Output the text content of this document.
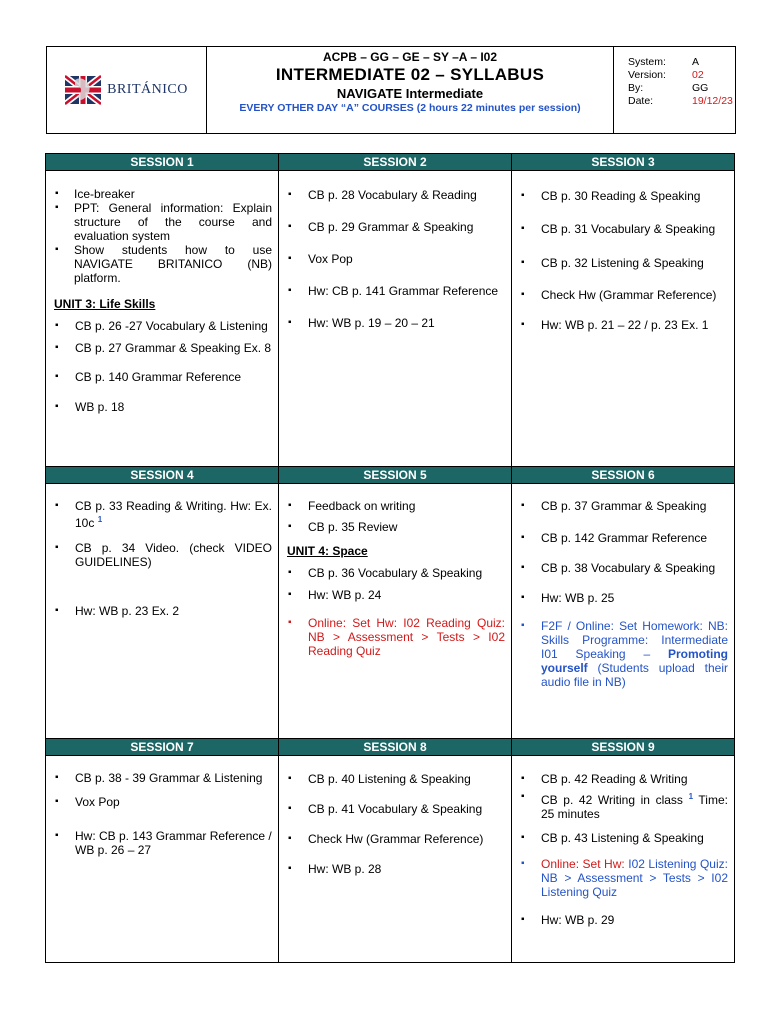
BRITÁNICO
ACPB – GG – GE – SY –A – I02
INTERMEDIATE 02 – SYLLABUS
NAVIGATE Intermediate
EVERY OTHER DAY “A” COURSES (2 hours 22 minutes per session)
System:	A
Version:	02
By:	GG
Date:	19/12/23
SESSION 1
▪ Ice-breaker
▪ PPT: General information: Explain structure of the course and evaluation system
▪ Show students how to use NAVIGATE BRITANICO (NB) platform.
UNIT 3: Life Skills
▪ CB p. 26 -27 Vocabulary & Listening
▪ CB p. 27 Grammar & Speaking Ex. 8
▪ CB p. 140 Grammar Reference
▪ WB p. 18
SESSION 2
▪ CB p. 28 Vocabulary & Reading
▪ CB p. 29 Grammar & Speaking
▪ Vox Pop
▪ Hw: CB p. 141 Grammar Reference
▪ Hw: WB p. 19 – 20 – 21
SESSION 3
▪ CB p. 30 Reading & Speaking
▪ CB p. 31 Vocabulary & Speaking
▪ CB p. 32 Listening & Speaking
▪ Check Hw (Grammar Reference)
▪ Hw: WB p. 21 – 22 / p. 23 Ex. 1
SESSION 4
▪ CB p. 33 Reading & Writing. Hw: Ex. 10c $^1$
▪ CB p. 34 Video. (check VIDEO GUIDELINES)
▪ Hw: WB p. 23 Ex. 2
SESSION 5
▪ Feedback on writing
▪ CB p. 35 Review
UNIT 4: Space
▪ CB p. 36 Vocabulary & Speaking
▪ Hw: WB p. 24
▪ Online: Set Hw: I02 Reading Quiz: NB > Assessment > Tests > I02 Reading Quiz
SESSION 6
▪ CB p. 37 Grammar & Speaking
▪ CB p. 142 Grammar Reference
▪ CB p. 38 Vocabulary & Speaking
▪ Hw: WB p. 25
▪ F2F / Online: Set Homework: NB: Skills Programme: Intermediate I01 Speaking – Promoting yourself (Students upload their audio file in NB)
SESSION 7
▪ CB p. 38 - 39 Grammar & Listening
▪ Vox Pop
▪ Hw: CB p. 143 Grammar Reference / WB p. 26 – 27
SESSION 8
▪ CB p. 40 Listening & Speaking
▪ CB p. 41 Vocabulary & Speaking
▪ Check Hw (Grammar Reference)
▪ Hw: WB p. 28
SESSION 9
▪ CB p. 42 Reading & Writing
▪ CB p. 42 Writing in class $^1$ Time: 25 minutes
▪ CB p. 43 Listening & Speaking
▪ Online: Set Hw: I02 Listening Quiz: NB > Assessment > Tests > I02 Listening Quiz
▪ Hw: WB p. 29
